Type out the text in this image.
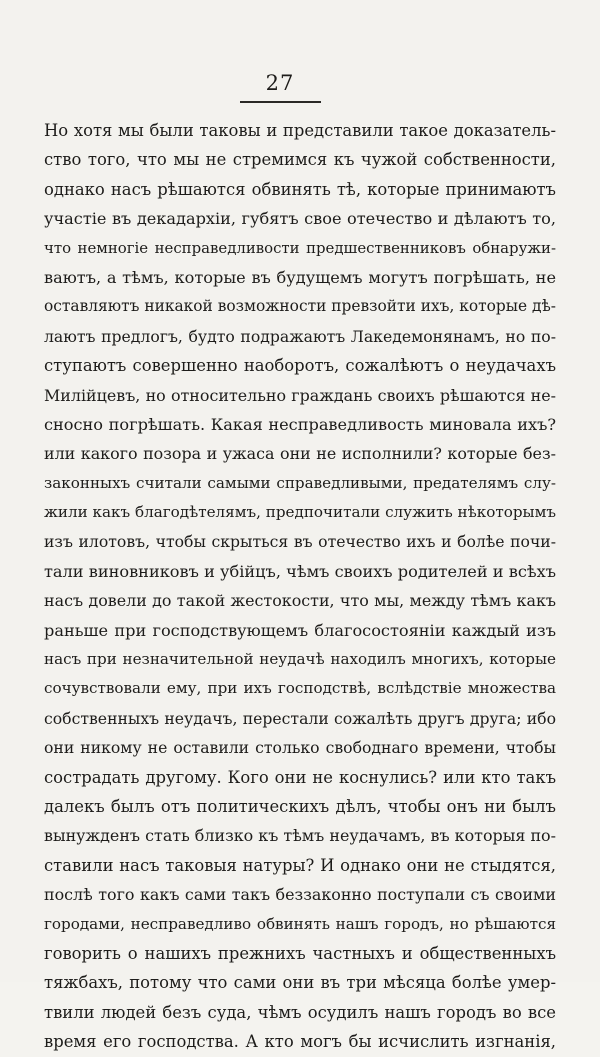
27
Но хотя мы были таковы и представили такое доказатель-
ство того, что мы не стремимся къ чужой собственности,
однако насъ рѣшаются обвинять тѣ, которые принимаютъ
участіе въ декадархіи, губятъ свое отечество и дѣлаютъ то,
что немногіе несправедливости предшественниковъ обнаружи-
ваютъ, а тѣмъ, которые въ будущемъ могутъ погрѣшать, не
оставляютъ никакой возможности превзойти ихъ, которые дѣ-
лаютъ предлогъ, будто подражаютъ Лакедемонянамъ, но по-
ступаютъ совершенно наоборотъ, сожалѣютъ о неудачахъ
Милійцевъ, но относительно граждань своихъ рѣшаются не-
сносно погрѣшать. Какая несправедливость миновала ихъ?
или какого позора и ужаса они не исполнили? которые без-
законныхъ считали самыми справедливыми, предателямъ слу-
жили какъ благодѣтелямъ, предпочитали служить нѣкоторымъ
изъ илотовъ, чтобы скрыться въ отечество ихъ и болѣе почи-
тали виновниковъ и убійцъ, чѣмъ своихъ родителей и всѣхъ
насъ довели до такой жестокости, что мы, между тѣмъ какъ
раньше при господствующемъ благосостояніи каждый изъ
насъ при незначительной неудачѣ находилъ многихъ, которые
сочувствовали ему, при ихъ господствѣ, вслѣдствіе множества
собственныхъ неудачъ, перестали сожалѣть другъ друга; ибо
они никому не оставили столько свободнаго времени, чтобы
сострадать другому. Кого они не коснулись? или кто такъ
далекъ былъ отъ политическихъ дѣлъ, чтобы онъ ни былъ
вынужденъ стать близко къ тѣмъ неудачамъ, въ которыя по-
ставили насъ таковыя натуры? И однако они не стыдятся,
послѣ того какъ сами такъ беззаконно поступали съ своими
городами, несправедливо обвинять нашъ городъ, но рѣшаются
говорить о нашихъ прежнихъ частныхъ и общественныхъ
тяжбахъ, потому что сами они въ три мѣсяца болѣе умер-
твили людей безъ суда, чѣмъ осудилъ нашъ городъ во все
время его господства. А кто могъ бы исчислить изгнанія,
